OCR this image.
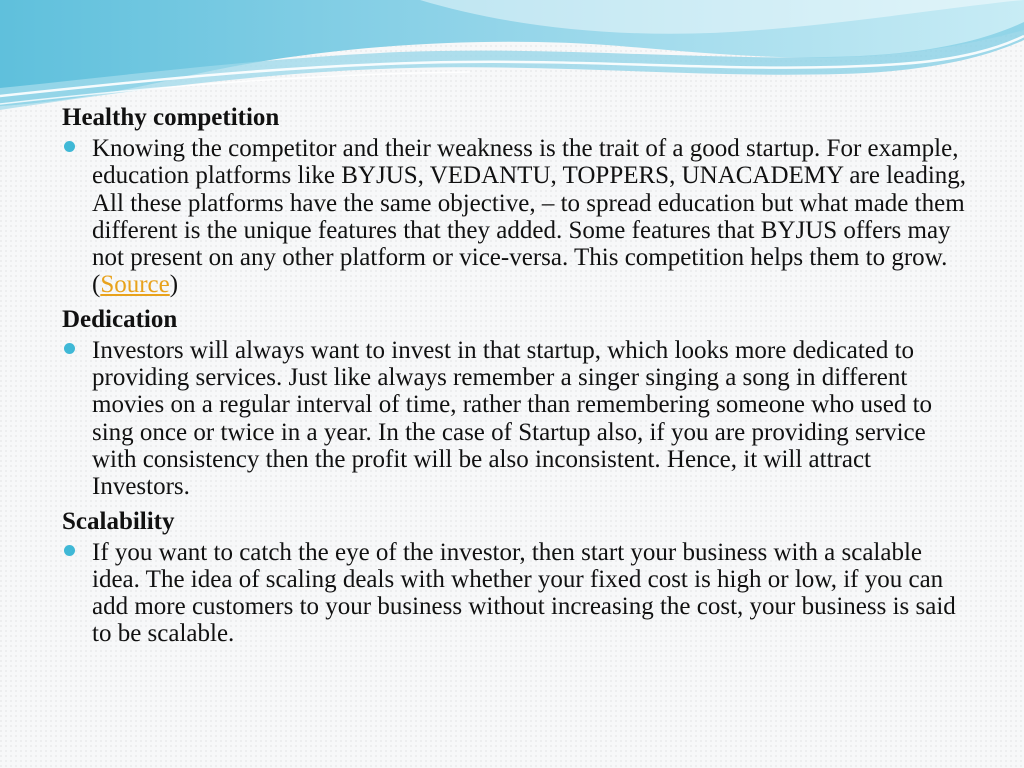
Healthy competition

Knowing the competitor and their weakness is the trait of a good startup. For example, education platforms like BYJUS, VEDANTU, TOPPERS, UNACADEMY are leading, All these platforms have the same objective, – to spread education but what made them different is the unique features that they added. Some features that BYJUS offers may not present on any other platform or vice-versa. This competition helps them to grow. (Source)

Dedication

Investors will always want to invest in that startup, which looks more dedicated to providing services. Just like always remember a singer singing a song in different movies on a regular interval of time, rather than remembering someone who used to sing once or twice in a year. In the case of Startup also, if you are providing service with consistency then the profit will be also inconsistent. Hence, it will attract Investors.

Scalability

If you want to catch the eye of the investor, then start your business with a scalable idea. The idea of scaling deals with whether your fixed cost is high or low, if you can add more customers to your business without increasing the cost, your business is said to be scalable.
